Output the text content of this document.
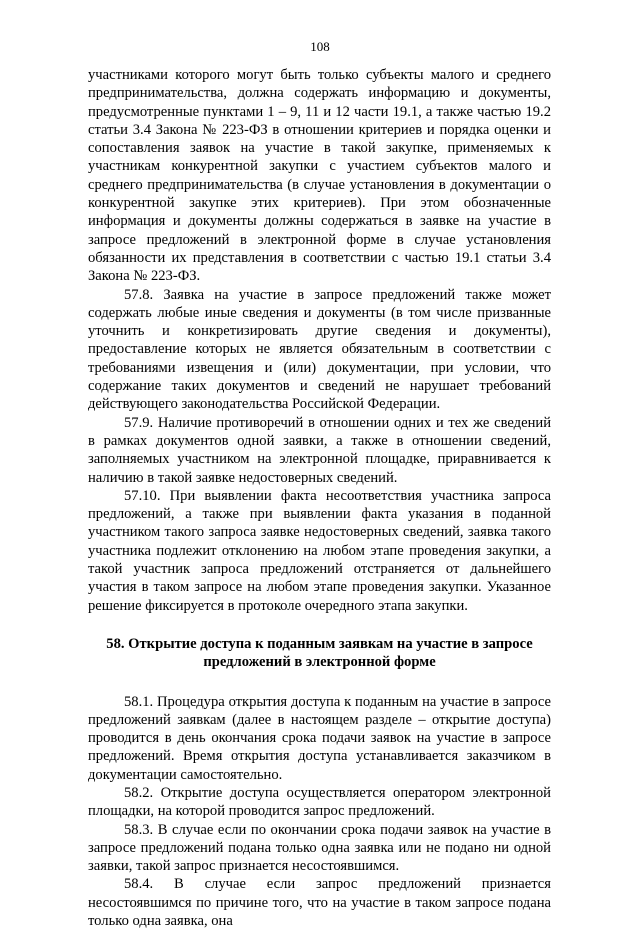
108

участниками которого могут быть только субъекты малого и среднего предпринимательства, должна содержать информацию и документы, предусмотренные пунктами 1 – 9, 11 и 12 части 19.1, а также частью 19.2 статьи 3.4 Закона № 223-ФЗ в отношении критериев и порядка оценки и сопоставления заявок на участие в такой закупке, применяемых к участникам конкурентной закупки с участием субъектов малого и среднего предпринимательства (в случае установления в документации о конкурентной закупке этих критериев). При этом обозначенные информация и документы должны содержаться в заявке на участие в запросе предложений в электронной форме в случае установления обязанности их представления в соответствии с частью 19.1 статьи 3.4 Закона № 223-ФЗ.

57.8. Заявка на участие в запросе предложений также может содержать любые иные сведения и документы (в том числе призванные уточнить и конкретизировать другие сведения и документы), предоставление которых не является обязательным в соответствии с требованиями извещения и (или) документации, при условии, что содержание таких документов и сведений не нарушает требований действующего законодательства Российской Федерации.

57.9. Наличие противоречий в отношении одних и тех же сведений в рамках документов одной заявки, а также в отношении сведений, заполняемых участником на электронной площадке, приравнивается к наличию в такой заявке недостоверных сведений.

57.10. При выявлении факта несоответствия участника запроса предложений, а также при выявлении факта указания в поданной участником такого запроса заявке недостоверных сведений, заявка такого участника подлежит отклонению на любом этапе проведения закупки, а такой участник запроса предложений отстраняется от дальнейшего участия в таком запросе на любом этапе проведения закупки. Указанное решение фиксируется в протоколе очередного этапа закупки.

58. Открытие доступа к поданным заявкам на участие в запросе
предложений в электронной форме

58.1. Процедура открытия доступа к поданным на участие в запросе предложений заявкам (далее в настоящем разделе – открытие доступа) проводится в день окончания срока подачи заявок на участие в запросе предложений. Время открытия доступа устанавливается заказчиком в документации самостоятельно.

58.2. Открытие доступа осуществляется оператором электронной площадки, на которой проводится запрос предложений.

58.3. В случае если по окончании срока подачи заявок на участие в запросе предложений подана только одна заявка или не подано ни одной заявки, такой запрос признается несостоявшимся.

58.4. В случае если запрос предложений признается несостоявшимся по причине того, что на участие в таком запросе подана только одна заявка, она
